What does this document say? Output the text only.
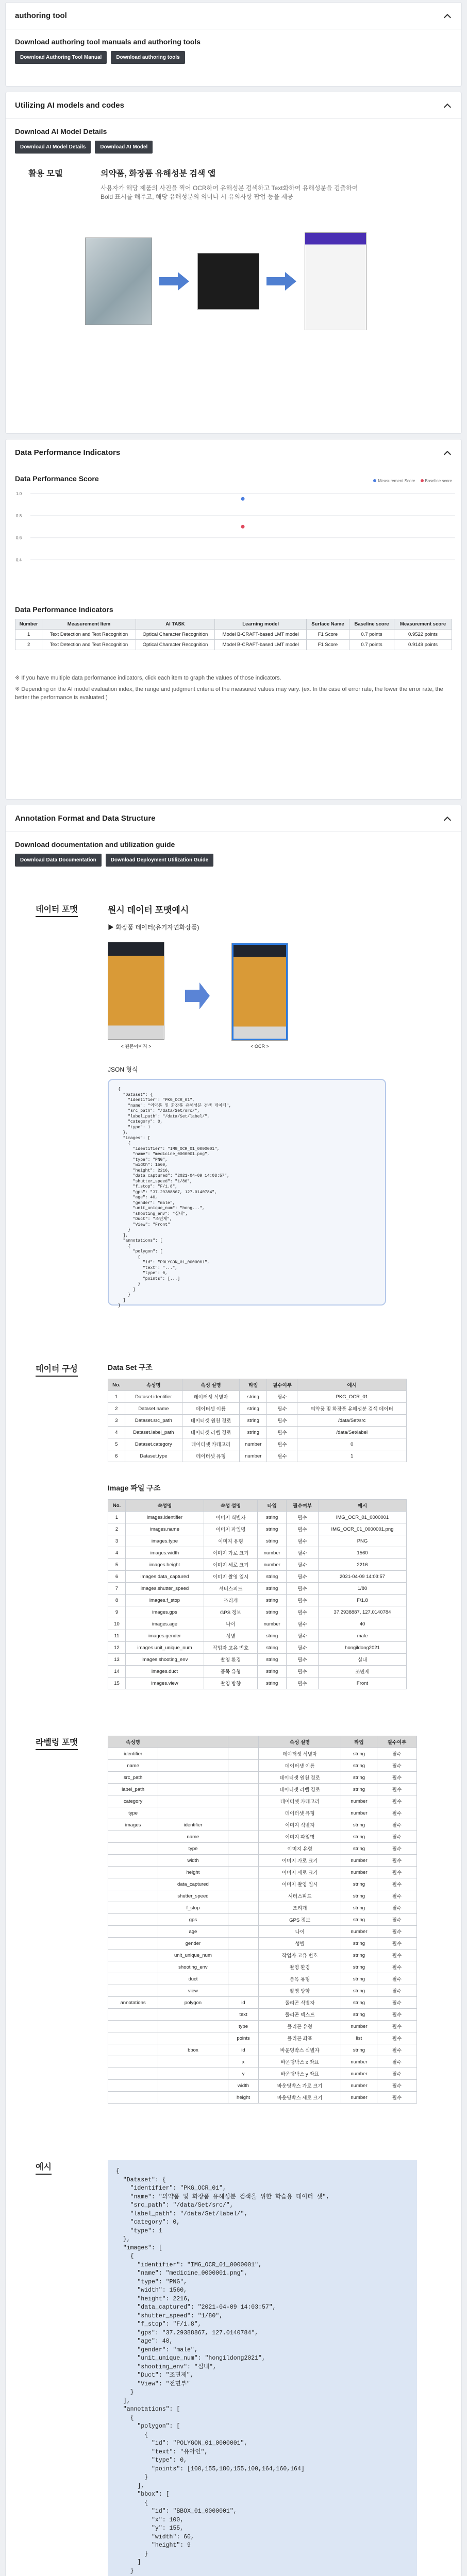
authoring tool
Download authoring tool manuals and authoring tools
Download Authoring Tool Manual	Download authoring tools
Utilizing AI models and codes
Download AI Model Details
Download AI Model Details	Download AI Model
활용 모델	의약품, 화장품 유해성분 검색 앱
사용자가 해당 제품의 사진을 찍어 OCR하여 유해성분 검색하고 Text화하여 유해성분을 검출하여 Bold 표시를 해주고, 해당 유해성분의 의미나 시 유의사항 팝업 등을 제공
Data Performance Indicators
Data Performance Score	Measurement Score	Baseline score
1.0
0.8
0.6
0.4
Data Performance Indicators
Number	Measurement Item	AI TASK	Learning model	Surface Name	Baseline score	Measurement score
1	Text Detection and Text Recognition	Optical Character Recognition	Model B-CRAFT-based LMT model	F1 Score	0.7 points	0.9522 points
2	Text Detection and Text Recognition	Optical Character Recognition	Model B-CRAFT-based LMT model	F1 Score	0.7 points	0.9149 points
※ If you have multiple data performance indicators, click each item to graph the values of those indicators.
※ Depending on the AI model evaluation index, the range and judgment criteria of the measured values may vary. (ex. In the case of error rate, the lower the error rate, the better the performance is evaluated.)
Annotation Format and Data Structure
Download documentation and utilization guide
Download Data Documentation	Download Deployment Utilization Guide
데이터 포맷	원시 데이터 포맷예시
▶ 화장품 데이터(유기자연화장품)
< 원본이미지 >	< OCR >
JSON 형식
{
"Dataset": {
"identifier": "PKG_OCR_01",
"name": "의약품 및 화장품 유해성분 검색 데이터",
"src_path": "/data/Set/src/",
"label_path": "/data/Set/label/",
"category": 0,
"type": 1
},
"images": [
{
"identifier": "IMG_OCR_01_0000001",
"name": "medicine_0000001.png",
"type": "PNG",
"width": 1560,
"height": 2216,
"data_captured": "2021-04-09 14:03:57",
"shutter_speed": "1/80",
"f_stop": "F/1.8",
"gps": "37.29388867, 127.0140784",
"age": 40,
"gender": "male",
"unit_unique_num": "hong...",
"shooting_env": "실내",
"Duct": "조면제",
"View": "Front"
}
],
"annotations": [
{
"polygon": [
{
"id": "POLYGON_01_0000001",
"text": "...",
"type": 0,
"points": [...]
}
]
}
]
}
데이터 구성	Data Set 구조
No.	속성명	속성 설명	타입	필수여부	예시
1	Dataset.identifier	데이터셋 식별자	string	필수	PKG_OCR_01
2	Dataset.name	데이터셋 이름	string	필수	의약품 및 화장품 유해성분 검색 데이터
3	Dataset.src_path	데이터셋 원천 경로	string	필수	/data/Set/src
4	Dataset.label_path	데이터셋 라벨 경로	string	필수	/data/Set/label
5	Dataset.category	데이터셋 카테고리	number	필수	0
6	Dataset.type	데이터셋 유형	number	필수	1
Image 파일 구조
No.	속성명	속성 설명	타입	필수여부	예시
1	images.identifier	이미지 식별자	string	필수	IMG_OCR_01_0000001
2	images.name	이미지 파일명	string	필수	IMG_OCR_01_0000001.png
3	images.type	이미지 유형	string	필수	PNG
4	images.width	이미지 가로 크기	number	필수	1560
5	images.height	이미지 세로 크기	number	필수	2216
6	images.data_captured	이미지 촬영 일시	string	필수	2021-04-09 14:03:57
7	images.shutter_speed	셔터스피드	string	필수	1/80
8	images.f_stop	조리개	string	필수	F/1.8
9	images.gps	GPS 정보	string	필수	37.2938887, 127.0140784
10	images.age	나이	number	필수	40
11	images.gender	성별	string	필수	male
12	images.unit_unique_num	작업자 고유 번호	string	필수	hongildong2021
13	images.shooting_env	촬영 환경	string	필수	실내
14	images.duct	품목 유형	string	필수	조면제
15	images.view	촬영 방향	string	필수	Front
라벨링 포맷	속성명			속성 설명	타입	필수여부
identifier			데이터셋 식별자	string	필수
name			데이터셋 이름	string	필수
src_path			데이터셋 원천 경로	string	필수
label_path			데이터셋 라벨 경로	string	필수
category			데이터셋 카테고리	number	필수
type			데이터셋 유형	number	필수
images	identifier		이미지 식별자	string	필수
	name		이미지 파일명	string	필수
	type		이미지 유형	string	필수
	width		이미지 가로 크기	number	필수
	height		이미지 세로 크기	number	필수
	data_captured		이미지 촬영 일시	string	필수
	shutter_speed		셔터스피드	string	필수
	f_stop		조리개	string	필수
	gps		GPS 정보	string	필수
	age		나이	number	필수
	gender		성별	string	필수
	unit_unique_num		작업자 고유 번호	string	필수
	shooting_env		촬영 환경	string	필수
	duct		품목 유형	string	필수
	view		촬영 방향	string	필수
annotations	polygon	id	폴리곤 식별자	string	필수
		text	폴리곤 텍스트	string	필수
		type	폴리곤 유형	number	필수
		points	폴리곤 좌표	list	필수
	bbox	id	바운딩박스 식별자	string	필수
		x	바운딩박스 x 좌표	number	필수
		y	바운딩박스 y 좌표	number	필수
		width	바운딩박스 가로 크기	number	필수
		height	바운딩박스 세로 크기	number	필수
예시	{
"Dataset": {
"identifier": "PKG_OCR_01",
"name": "의약품 및 화장품 유해성분 검색을 위한 학습용 데이터 셋",
"src_path": "/data/Set/src/",
"label_path": "/data/Set/label/",
"category": 0,
"type": 1
},
"images": [
{
"identifier": "IMG_OCR_01_0000001",
"name": "medicine_0000001.png",
"type": "PNG",
"width": 1560,
"height": 2216,
"data_captured": "2021-04-09 14:03:57",
"shutter_speed": "1/80",
"f_stop": "F/1.8",
"gps": "37.29388867, 127.0140784",
"age": 40,
"gender": "male",
"unit_unique_num": "hongildong2021",
"shooting_env": "실내",
"Duct": "조면제",
"View": "전면부"
}
],
"annotations": [
{
"polygon": [
{
"id": "POLYGON_01_0000001",
"text": "유아인",
"type": 0,
"points": [100,155,180,155,100,164,160,164]
}
],
"bbox": [
{
"id": "BBOX_01_0000001",
"x": 100,
"y": 155,
"width": 60,
"height": 9
}
]
}
